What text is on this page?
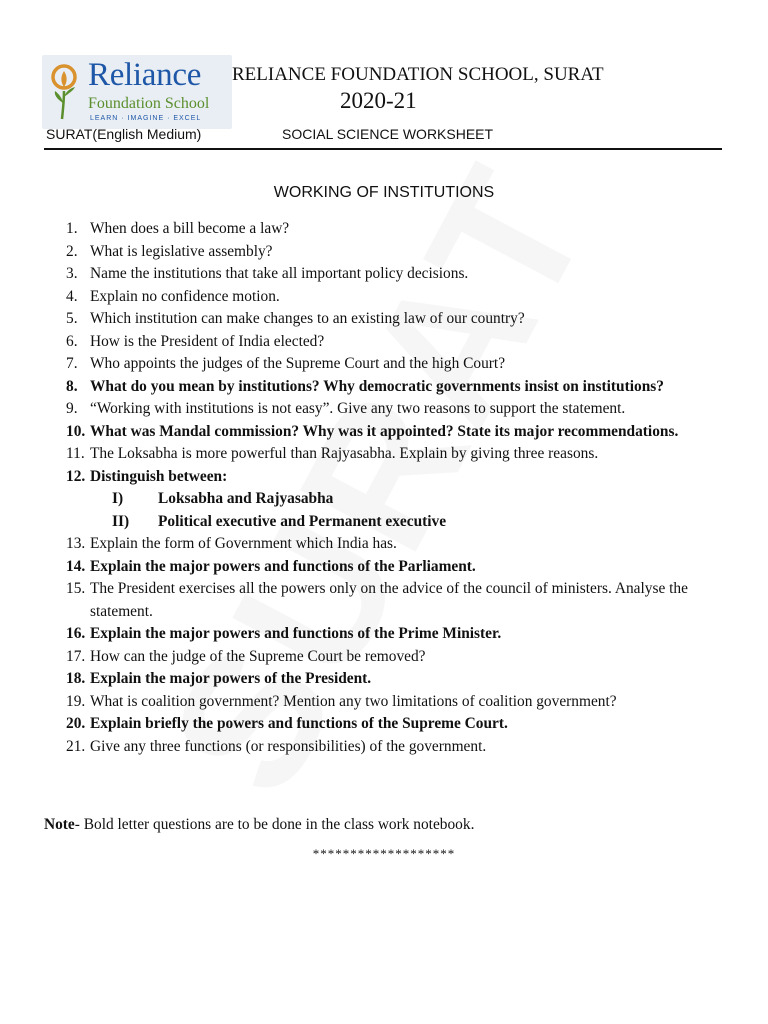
Reliance
Foundation School
LEARN · IMAGINE · EXCEL
RELIANCE FOUNDATION SCHOOL, SURAT
2020-21
SURAT(English Medium)	SOCIAL SCIENCE WORKSHEET
WORKING OF INSTITUTIONS
1. When does a bill become a law?
2. What is legislative assembly?
3. Name the institutions that take all important policy decisions.
4. Explain no confidence motion.
5. Which institution can make changes to an existing law of our country?
6. How is the President of India elected?
7. Who appoints the judges of the Supreme Court and the high Court?
8. What do you mean by institutions? Why democratic governments insist on institutions?
9. “Working with institutions is not easy”. Give any two reasons to support the statement.
10. What was Mandal commission? Why was it appointed? State its major recommendations.
11. The Loksabha is more powerful than Rajyasabha. Explain by giving three reasons.
12. Distinguish between:
I) Loksabha and Rajyasabha
II) Political executive and Permanent executive
13. Explain the form of Government which India has.
14. Explain the major powers and functions of the Parliament.
15. The President exercises all the powers only on the advice of the council of ministers. Analyse the statement.
16. Explain the major powers and functions of the Prime Minister.
17. How can the judge of the Supreme Court be removed?
18. Explain the major powers of the President.
19. What is coalition government? Mention any two limitations of coalition government?
20. Explain briefly the powers and functions of the Supreme Court.
21. Give any three functions (or responsibilities) of the government.
Note- Bold letter questions are to be done in the class work notebook.
*******************
